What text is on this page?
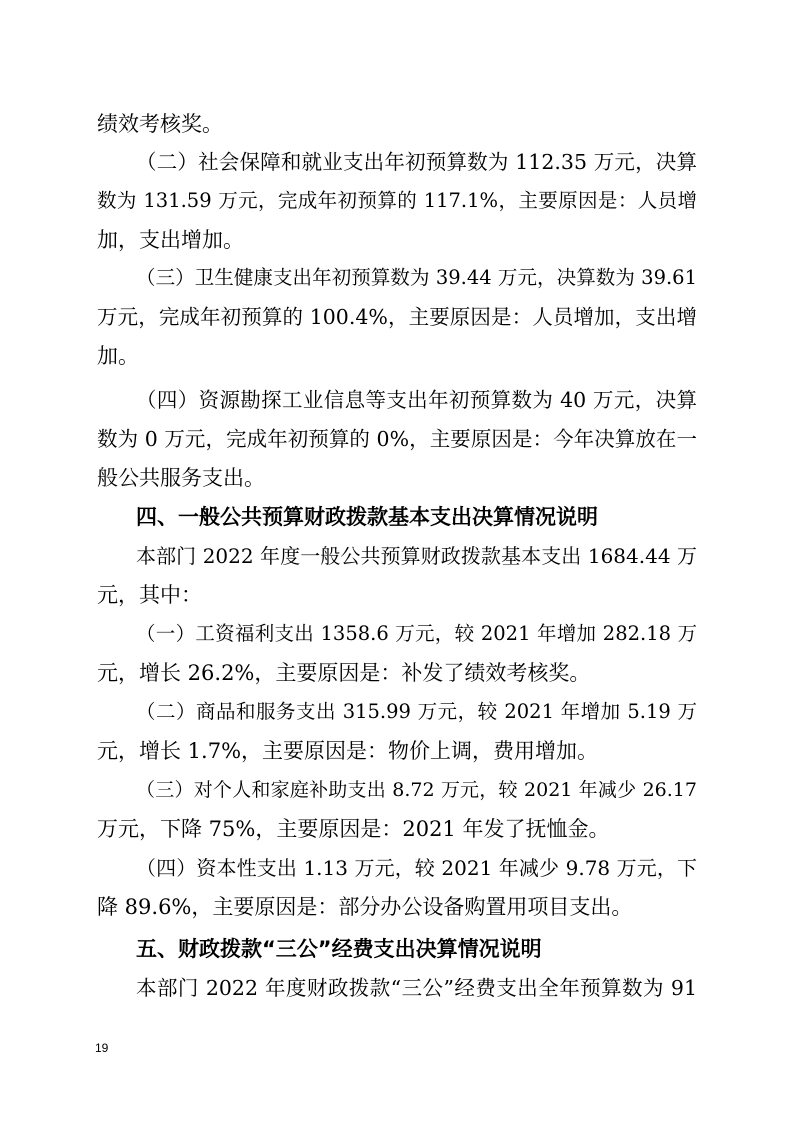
绩效考核奖。
（二）社会保障和就业支出年初预算数为 112.35 万元，决算
数为 131.59 万元，完成年初预算的 117.1%，主要原因是：人员增
加，支出增加。
（三）卫生健康支出年初预算数为 39.44 万元，决算数为 39.61
万元，完成年初预算的 100.4%，主要原因是：人员增加，支出增
加。
（四）资源勘探工业信息等支出年初预算数为 40 万元，决算
数为 0 万元，完成年初预算的 0%，主要原因是：今年决算放在一
般公共服务支出。
四、一般公共预算财政拨款基本支出决算情况说明
本部门 2022 年度一般公共预算财政拨款基本支出 1684.44 万
元，其中：
（一）工资福利支出 1358.6 万元，较 2021 年增加 282.18 万
元，增长 26.2%，主要原因是：补发了绩效考核奖。
（二）商品和服务支出 315.99 万元，较 2021 年增加 5.19 万
元，增长 1.7%，主要原因是：物价上调，费用增加。
（三）对个人和家庭补助支出 8.72 万元，较 2021 年减少 26.17
万元，下降 75%，主要原因是：2021 年发了抚恤金。
（四）资本性支出 1.13 万元，较 2021 年减少 9.78 万元，下
降 89.6%，主要原因是：部分办公设备购置用项目支出。
五、财政拨款“三公”经费支出决算情况说明
本部门 2022 年度财政拨款“三公”经费支出全年预算数为 91
19
